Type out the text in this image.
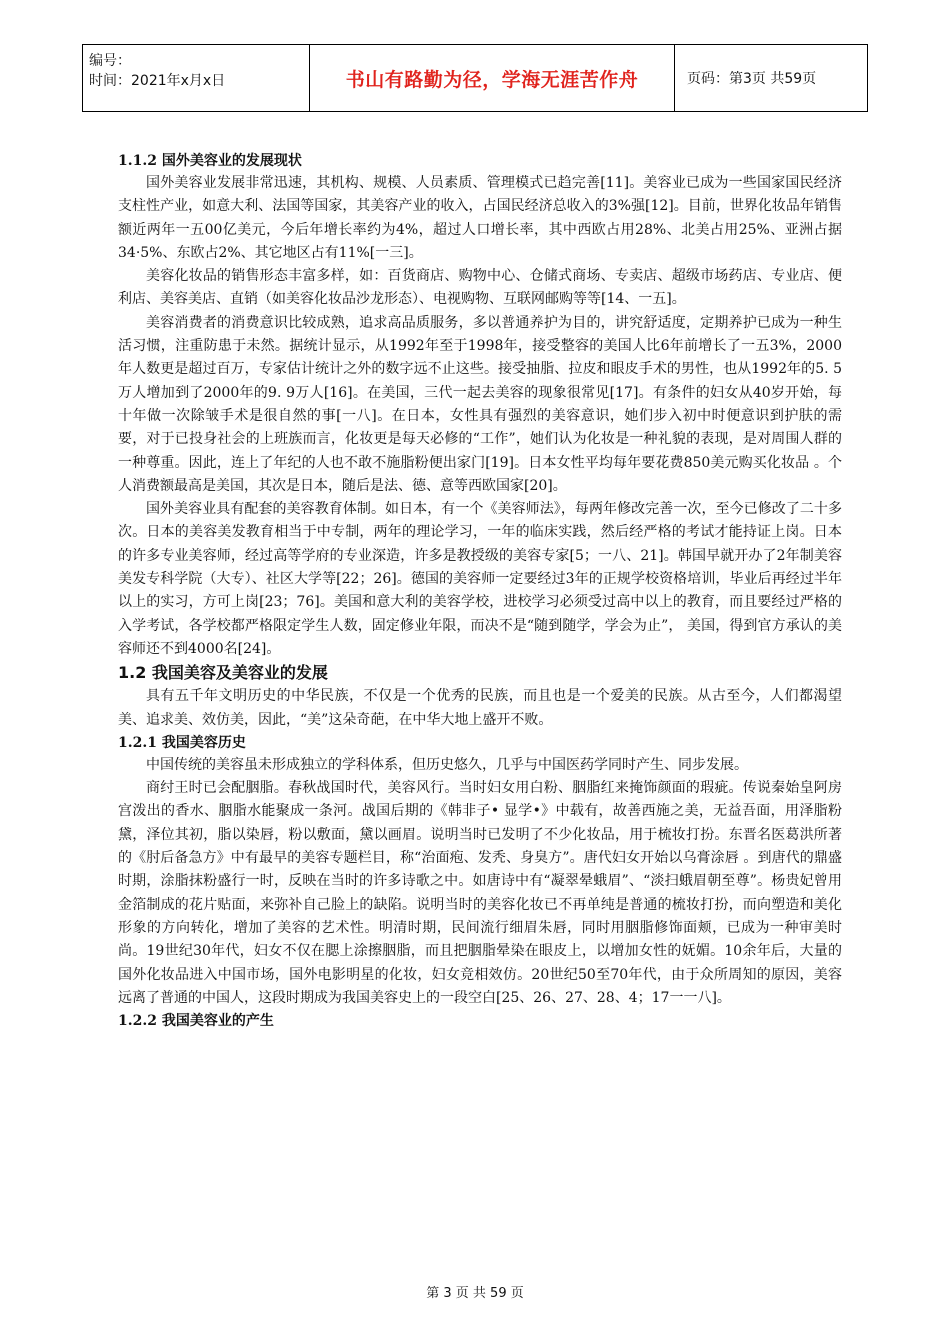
编号：
时间：2021年x月x日	书山有路勤为径，学海无涯苦作舟	页码：第3页 共59页

1.1.2 国外美容业的发展现状

国外美容业发展非常迅速，其机构、规模、人员素质、管理模式已趋完善[11]。美容业已成为一些国家国民经济支柱性产业，如意大利、法国等国家，其美容产业的收入，占国民经济总收入的3%强[12]。目前，世界化妆品年销售额近两年一五00亿美元，今后年增长率约为4%，超过人口增长率，其中西欧占用28%、北美占用25%、亚洲占据34·5%、东欧占2%、其它地区占有11%[一三]。

美容化妆品的销售形态丰富多样，如：百货商店、购物中心、仓储式商场、专卖店、超级市场药店、专业店、便利店、美容美店、直销（如美容化妆品沙龙形态）、电视购物、互联网邮购等等[14、一五]。

美容消费者的消费意识比较成熟，追求高品质服务，多以普通养护为目的，讲究舒适度，定期养护已成为一种生活习惯，注重防患于未然。据统计显示，从1992年至于1998年，接受整容的美国人比6年前增长了一五3%，2000年人数更是超过百万，专家估计统计之外的数字远不止这些。接受抽脂、拉皮和眼皮手术的男性，也从1992年的5. 5万人增加到了2000年的9. 9万人[16]。在美国，三代一起去美容的现象很常见[17]。有条件的妇女从40岁开始，每十年做一次除皱手术是很自然的事[一八]。在日本，女性具有强烈的美容意识，她们步入初中时便意识到护肤的需要，对于已投身社会的上班族而言，化妆更是每天必修的“工作”，她们认为化妆是一种礼貌的表现，是对周围人群的一种尊重。因此，连上了年纪的人也不敢不施脂粉便出家门[19]。日本女性平均每年要花费850美元购买化妆品 。个人消费额最高是美国，其次是日本，随后是法、德、意等西欧国家[20]。

国外美容业具有配套的美容教育体制。如日本，有一个《美容师法》，每两年修改完善一次，至今已修改了二十多次。日本的美容美发教育相当于中专制，两年的理论学习，一年的临床实践，然后经严格的考试才能持证上岗。日本的许多专业美容师，经过高等学府的专业深造，许多是教授级的美容专家[5；一八、21]。韩国早就开办了2年制美容美发专科学院（大专）、社区大学等[22；26]。德国的美容师一定要经过3年的正规学校资格培训，毕业后再经过半年以上的实习，方可上岗[23；76]。美国和意大利的美容学校，进校学习必须受过高中以上的教育，而且要经过严格的入学考试，各学校都严格限定学生人数，固定修业年限，而决不是“随到随学，学会为止”， 美国，得到官方承认的美容师还不到4000名[24]。

1.2 我国美容及美容业的发展

具有五千年文明历史的中华民族，不仅是一个优秀的民族，而且也是一个爱美的民族。从古至今，人们都渴望美、追求美、效仿美，因此，“美”这朵奇葩，在中华大地上盛开不败。

1.2.1 我国美容历史

中国传统的美容虽未形成独立的学科体系，但历史悠久，几乎与中国医药学同时产生、同步发展。

商纣王时已会配胭脂。春秋战国时代，美容风行。当时妇女用白粉、胭脂红来掩饰颜面的瑕疵。传说秦始皇阿房宫泼出的香水、胭脂水能聚成一条河。战国后期的《韩非子• 显学•》中载有，故善西施之美，无益吾面，用泽脂粉黛，泽位其初，脂以染唇，粉以敷面，黛以画眉。说明当时已发明了不少化妆品，用于梳妆打扮。东晋名医葛洪所著的《肘后备急方》中有最早的美容专题栏目，称“治面疱、发秃、身臭方”。唐代妇女开始以乌膏涂唇 。到唐代的鼎盛时期，涂脂抹粉盛行一时，反映在当时的许多诗歌之中。如唐诗中有“凝翠晕蛾眉”、“淡扫蛾眉朝至尊”。杨贵妃曾用金箔制成的花片贴面，来弥补自己脸上的缺陷。说明当时的美容化妆已不再单纯是普通的梳妆打扮，而向塑造和美化形象的方向转化，增加了美容的艺术性。明清时期，民间流行细眉朱唇，同时用胭脂修饰面颊，已成为一种审美时尚。19世纪30年代，妇女不仅在腮上涂擦胭脂，而且把胭脂晕染在眼皮上，以增加女性的妩媚。10余年后，大量的国外化妆品进入中国市场，国外电影明星的化妆，妇女竞相效仿。20世纪50至70年代，由于众所周知的原因，美容远离了普通的中国人，这段时期成为我国美容史上的一段空白[25、26、27、28、4；17一一八]。

1.2.2 我国美容业的产生

第 3 页 共 59 页
